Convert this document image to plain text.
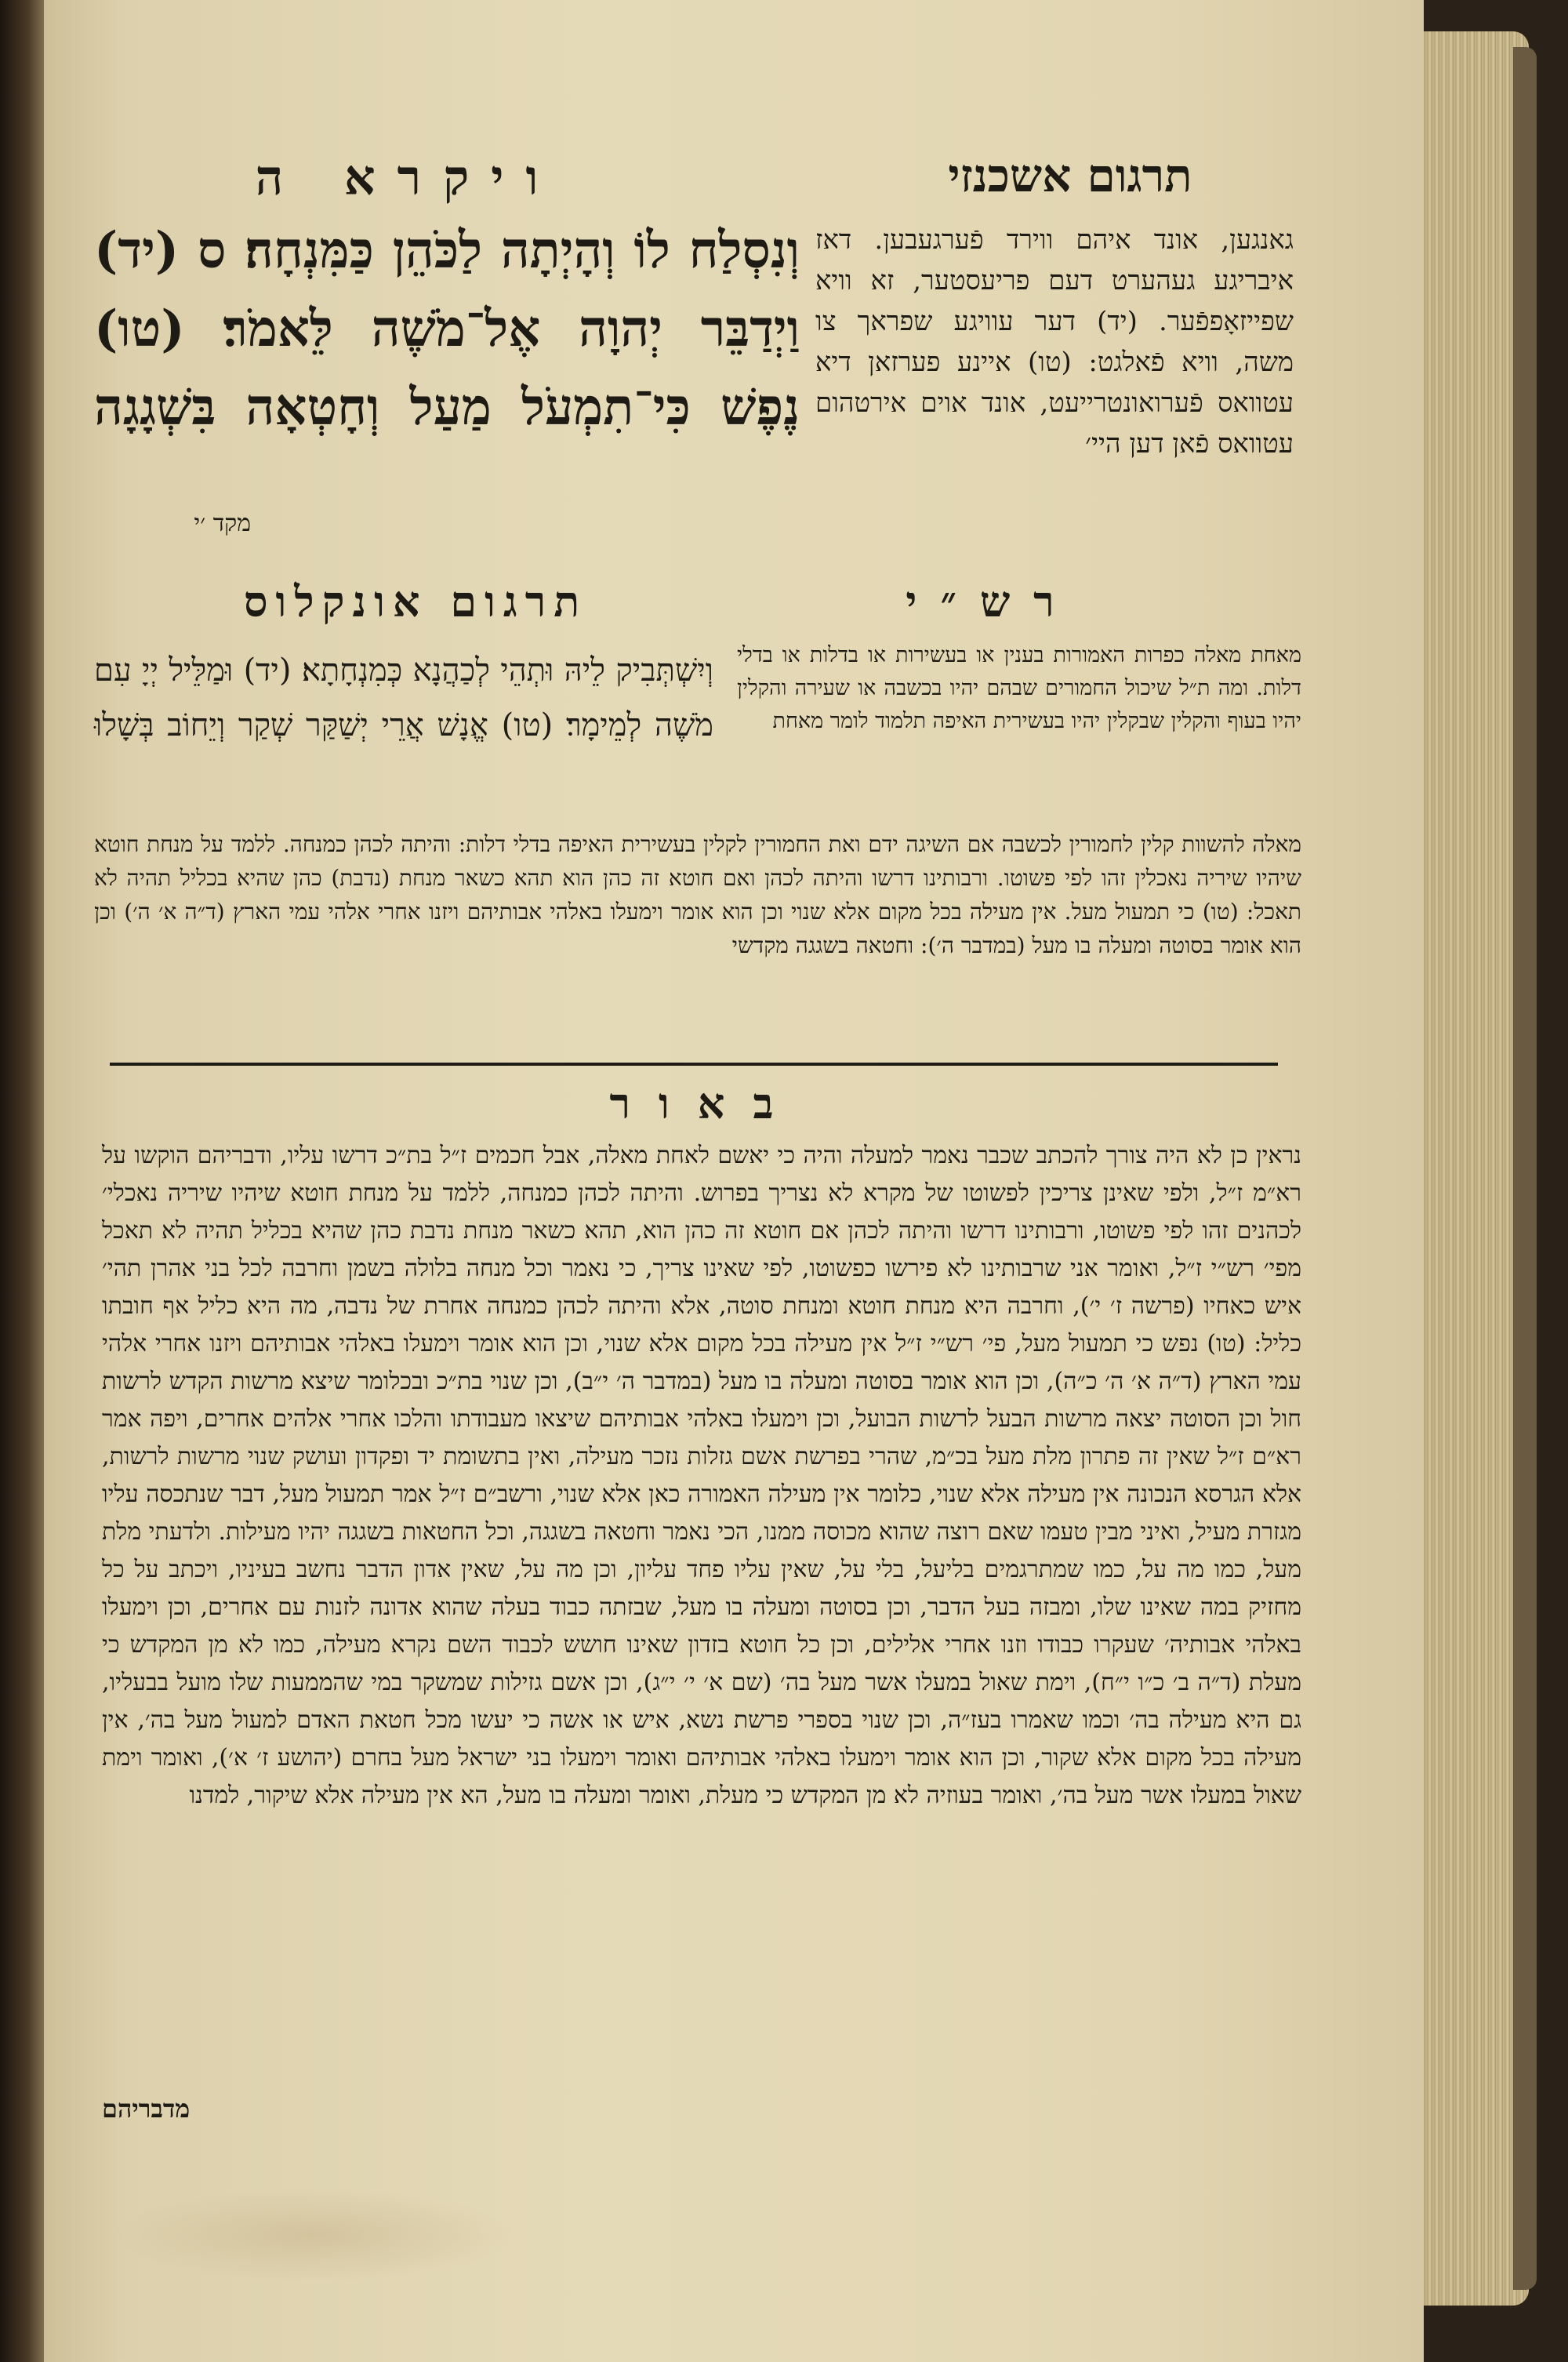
ויקרא ה	תרגום אשכנזי
וְנִסְלַח לוֹ וְהָיְתָה לַכֹּהֵן כַּמִּנְחָה׃ ס (יד) וַיְדַבֵּר יְהוָה אֶל־מֹשֶׁה לֵּאמֹר׃ (טו) נֶפֶשׁ כִּי־תִמְעֹל מַעַל וְחָטְאָה בִּשְׁגָגָה
מקד ׳י
גאנגען, אונד איהם ווירד פֿערגעבען. דאז איבריגע געהערט דעם פריעסטער, זא וויא שפייזאָפפֿער. (יד) דער עוויגע שפראך צו משה, וויא פֿאלגט: (טו) איינע פערזאן דיא עטוואס פֿערואונטרייעט, אונד אוים אירטהום עטוואס פֿאן דען היי׳
תרגום אונקלוס	רש״י
וְיִשְׁתְּבִיק לֵיהּ וּתְהֵי לְכַהֲנָא כְּמִנְחָתָא׃ (יד) וּמַלֵּיל יְיָ עִם מֹשֶׁה לְמֵימָר׃ (טו) אֱנָשׁ אֲרֵי יְשַׁקַּר שְׁקַר וְיֵחוֹב בְּשָׁלוּ
מאחת מאלה כפרות האמורות בענין או בעשירות או בדלות או בדלי דלות. ומה ת״ל שיכול החמורים שבהם יהיו בכשבה או שעירה והקלין יהיו בעוף והקלין שבקלין יהיו בעשירית האיפה תלמוד לומר מאחת
מאלה להשוות קלין לחמורין לכשבה אם השיגה ידם ואת החמורין לקלין בעשירית האיפה בדלי דלות: והיתה לכהן כמנחה. ללמד על מנחת חוטא שיהיו שיריה נאכלין זהו לפי פשוטו. ורבותינו דרשו והיתה לכהן ואם חוטא זה כהן הוא תהא כשאר מנחת (נדבת) כהן שהיא בכליל תהיה לא תאכל: (טו) כי תמעול מעל. אין מעילה בכל מקום אלא שנוי וכן הוא אומר וימעלו באלהי אבותיהם ויזנו אחרי אלהי עמי הארץ (ד״ה א׳ ה׳) וכן הוא אומר בסוטה ומעלה בו מעל (במדבר ה׳): וחטאה בשגגה מקדשי
באור

נראין כן לא היה צורך להכתב שכבר נאמר למעלה והיה כי יאשם לאחת מאלה, אבל חכמים ז״ל בת״כ דרשו עליו, ודבריהם הוקשו על רא״מ ז״ל, ולפי שאינן צריכין לפשוטו של מקרא לא נצריך בפרוש. והיתה לכהן כמנחה, ללמד על מנחת חוטא שיהיו שיריה נאכלי׳ לכהנים זהו לפי פשוטו, ורבותינו דרשו והיתה לכהן אם חוטא זה כהן הוא, תהא כשאר מנחת נדבת כהן שהיא בכליל תהיה לא תאכל מפי׳ רש״י ז״ל, ואומר אני שרבותינו לא פירשו כפשוטו, לפי שאינו צריך, כי נאמר וכל מנחה בלולה בשמן וחרבה לכל בני אהרן תהי׳ איש כאחיו (פרשה ז׳ י׳), וחרבה היא מנחת חוטא ומנחת סוטה, אלא והיתה לכהן כמנחה אחרת של נדבה, מה היא כליל אף חובתו כליל: (טו) נפש כי תמעול מעל, פי׳ רש״י ז״ל אין מעילה בכל מקום אלא שנוי, וכן הוא אומר וימעלו באלהי אבותיהם ויזנו אחרי אלהי עמי הארץ (ד״ה א׳ ה׳ כ״ה), וכן הוא אומר בסוטה ומעלה בו מעל (במדבר ה׳ י״ב), וכן שנוי בת״כ ובכלומר שיצא מרשות הקדש לרשות חול וכן הסוטה יצאה מרשות הבעל לרשות הבועל, וכן וימעלו באלהי אבותיהם שיצאו מעבודתו והלכו אחרי אלהים אחרים, ויפה אמר רא״ם ז״ל שאין זה פתרון מלת מעל בכ״מ, שהרי בפרשת אשם גזלות נזכר מעילה, ואין בתשומת יד ופקדון ועושק שנוי מרשות לרשות, אלא הגרסא הנכונה אין מעילה אלא שנוי, כלומר אין מעילה האמורה כאן אלא שנוי, ורשב״ם ז״ל אמר תמעול מעל, דבר שנתכסה עליו מגזרת מעיל, ואיני מבין טעמו שאם רוצה שהוא מכוסה ממנו, הכי נאמר וחטאה בשגגה, וכל החטאות בשגגה יהיו מעילות. ולדעתי מלת מעל, כמו מה על, כמו שמתרגמים בליעל, בלי על, שאין עליו פחד עליון, וכן מה על, שאין אדון הדבר נחשב בעיניו, ויכתב על כל מחזיק במה שאינו שלו, ומבזה בעל הדבר, וכן בסוטה ומעלה בו מעל, שבזתה כבוד בעלה שהוא אדונה לזנות עם אחרים, וכן וימעלו באלהי אבותיה׳ שעקרו כבודו וזנו אחרי אלילים, וכן כל חוטא בזדון שאינו חושש לכבוד השם נקרא מעילה, כמו לא מן המקדש כי מעלת (ד״ה ב׳ כ״ו י״ח), וימת שאול במעלו אשר מעל בה׳ (שם א׳ י׳ י״ג), וכן אשם גזילות שמשקר במי שהממעות שלו מועל בבעליו, גם היא מעילה בה׳ וכמו שאמרו בעז״ה, וכן שנוי בספרי פרשת נשא, איש או אשה כי יעשו מכל חטאת האדם למעול מעל בה׳, אין מעילה בכל מקום אלא שקור, וכן הוא אומר וימעלו באלהי אבותיהם ואומר וימעלו בני ישראל מעל בחרם (יהושע ז׳ א׳), ואומר וימת שאול במעלו אשר מעל בה׳, ואומר בעוזיה לא מן המקדש כי מעלת, ואומר ומעלה בו מעל, הא אין מעילה אלא שיקור, למדנו

מדבריהם
